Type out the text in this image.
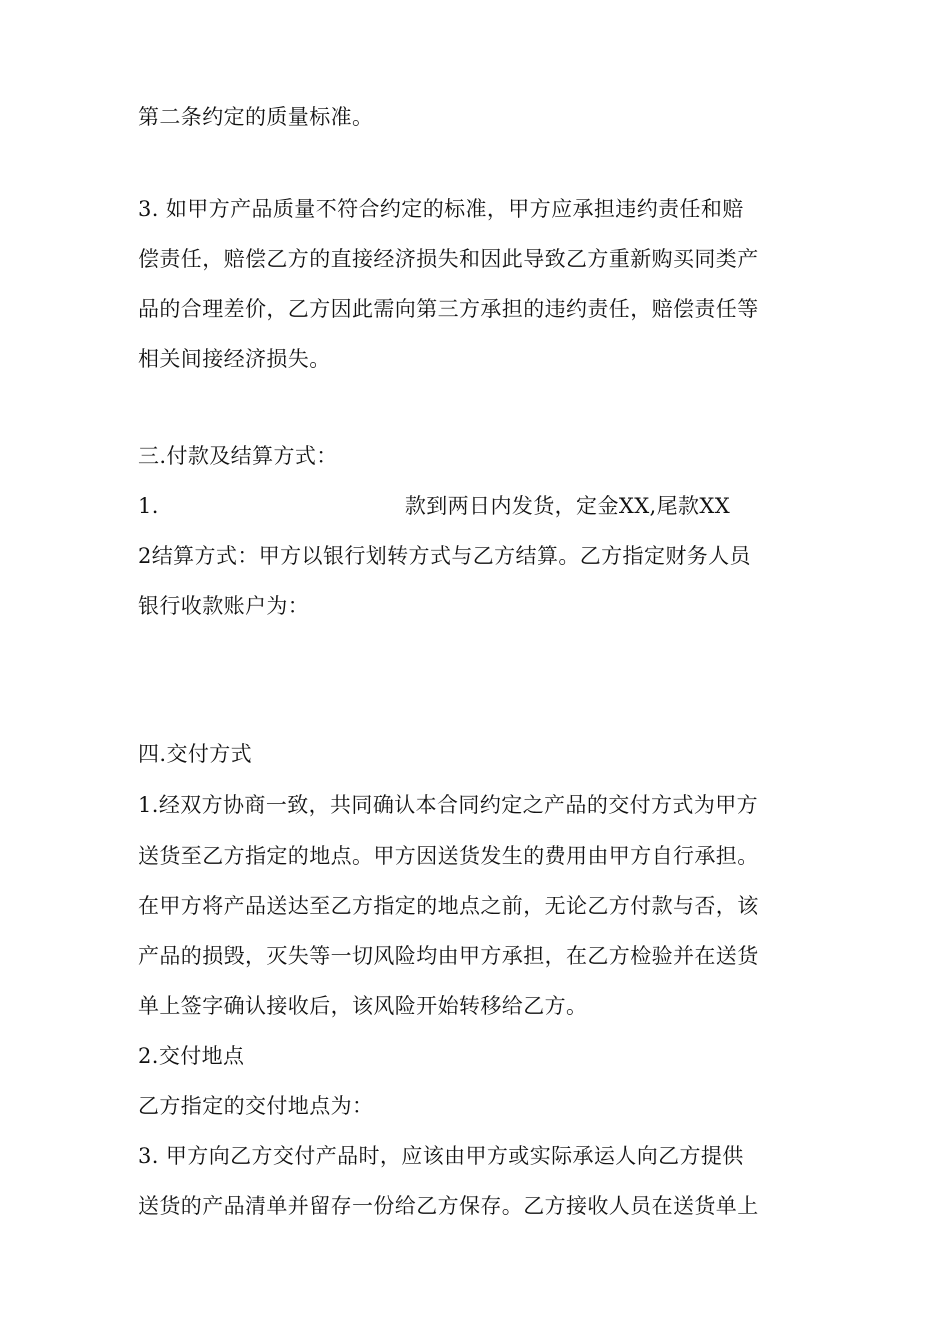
第二条约定的质量标准。
3. 如甲方产品质量不符合约定的标准，甲方应承担违约责任和赔
偿责任，赔偿乙方的直接经济损失和因此导致乙方重新购买同类产
品的合理差价，乙方因此需向第三方承担的违约责任，赔偿责任等
相关间接经济损失。
三.付款及结算方式：
1.	款到两日内发货，定金XX,尾款XX
2结算方式：甲方以银行划转方式与乙方结算。乙方指定财务人员
银行收款账户为：
四.交付方式
1.经双方协商一致，共同确认本合同约定之产品的交付方式为甲方
送货至乙方指定的地点。甲方因送货发生的费用由甲方自行承担。
在甲方将产品送达至乙方指定的地点之前，无论乙方付款与否，该
产品的损毁，灭失等一切风险均由甲方承担，在乙方检验并在送货
单上签字确认接收后，该风险开始转移给乙方。
2.交付地点
乙方指定的交付地点为：
3. 甲方向乙方交付产品时，应该由甲方或实际承运人向乙方提供
送货的产品清单并留存一份给乙方保存。乙方接收人员在送货单上
